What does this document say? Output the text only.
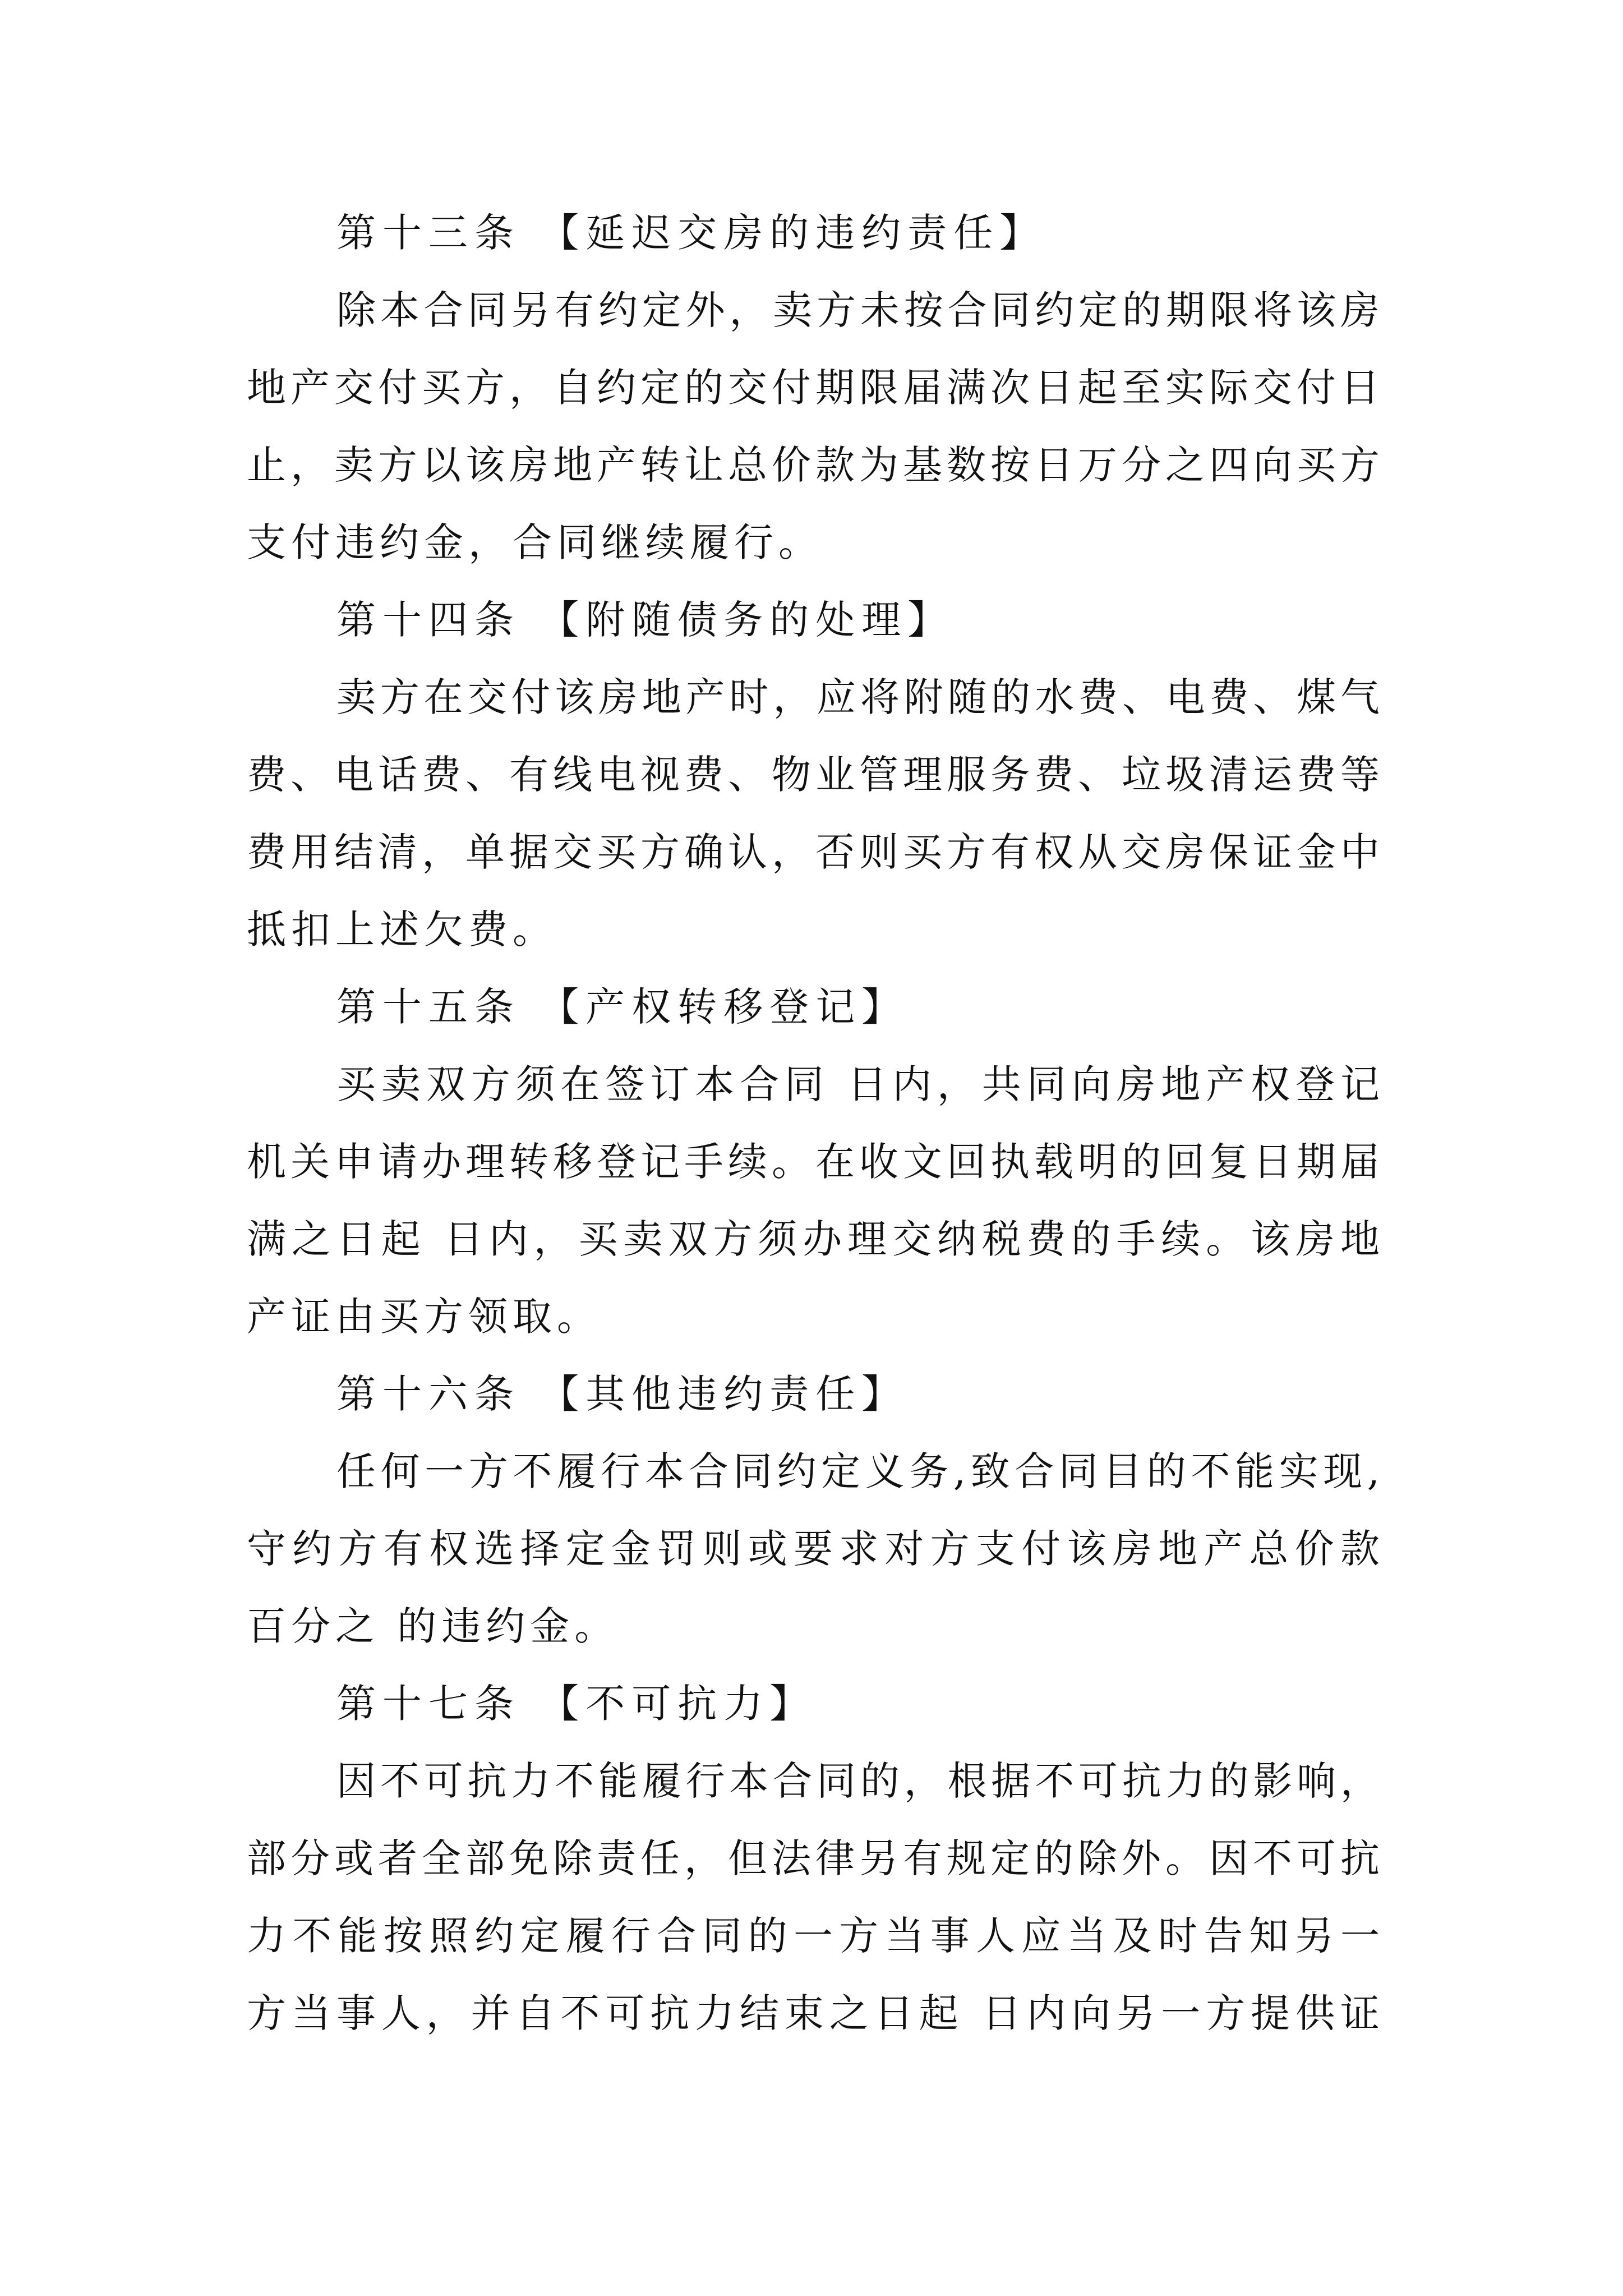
第十三条 【延迟交房的违约责任】
除本合同另有约定外，卖方未按合同约定的期限将该房
地产交付买方，自约定的交付期限届满次日起至实际交付日
止，卖方以该房地产转让总价款为基数按日万分之四向买方
支付违约金，合同继续履行。
第十四条 【附随债务的处理】
卖方在交付该房地产时，应将附随的水费、电费、煤气
费、电话费、有线电视费、物业管理服务费、垃圾清运费等
费用结清，单据交买方确认，否则买方有权从交房保证金中
抵扣上述欠费。
第十五条 【产权转移登记】
买卖双方须在签订本合同 日内，共同向房地产权登记
机关申请办理转移登记手续。在收文回执载明的回复日期届
满之日起 日内，买卖双方须办理交纳税费的手续。该房地
产证由买方领取。
第十六条 【其他违约责任】
任何一方不履行本合同约定义务,致合同目的不能实现,
守约方有权选择定金罚则或要求对方支付该房地产总价款
百分之 的违约金。
第十七条 【不可抗力】
因不可抗力不能履行本合同的，根据不可抗力的影响，
部分或者全部免除责任，但法律另有规定的除外。因不可抗
力不能按照约定履行合同的一方当事人应当及时告知另一
方当事人，并自不可抗力结束之日起 日内向另一方提供证
